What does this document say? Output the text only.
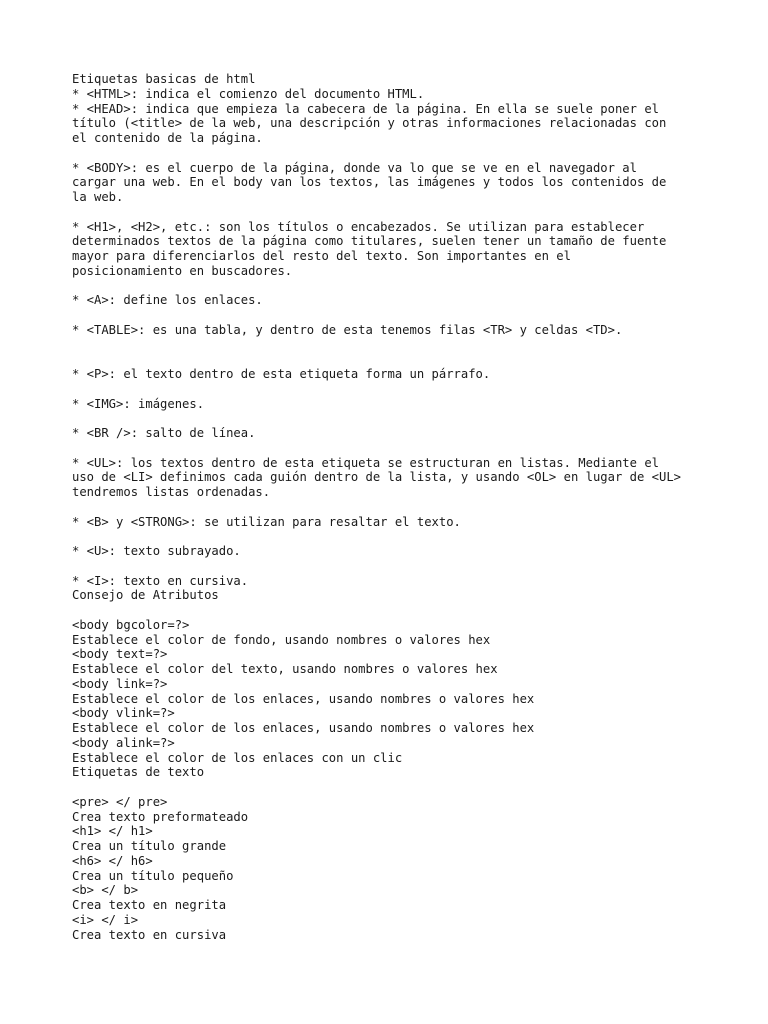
Etiquetas basicas de html
* <HTML>: indica el comienzo del documento HTML.
* <HEAD>: indica que empieza la cabecera de la página. En ella se suele poner el
título (<title> de la web, una descripción y otras informaciones relacionadas con
el contenido de la página.
* <BODY>: es el cuerpo de la página, donde va lo que se ve en el navegador al
cargar una web. En el body van los textos, las imágenes y todos los contenidos de
la web.
* <H1>, <H2>, etc.: son los títulos o encabezados. Se utilizan para establecer
determinados textos de la página como titulares, suelen tener un tamaño de fuente
mayor para diferenciarlos del resto del texto. Son importantes en el
posicionamiento en buscadores.
* <A>: define los enlaces.
* <TABLE>: es una tabla, y dentro de esta tenemos filas <TR> y celdas <TD>.
* <P>: el texto dentro de esta etiqueta forma un párrafo.
* <IMG>: imágenes.
* <BR />: salto de línea.
* <UL>: los textos dentro de esta etiqueta se estructuran en listas. Mediante el
uso de <LI> definimos cada guión dentro de la lista, y usando <OL> en lugar de <UL>
tendremos listas ordenadas.
* <B> y <STRONG>: se utilizan para resaltar el texto.
* <U>: texto subrayado.
* <I>: texto en cursiva.
Consejo de Atributos
<body bgcolor=?>
Establece el color de fondo, usando nombres o valores hex
<body text=?>
Establece el color del texto, usando nombres o valores hex
<body link=?>
Establece el color de los enlaces, usando nombres o valores hex
<body vlink=?>
Establece el color de los enlaces, usando nombres o valores hex
<body alink=?>
Establece el color de los enlaces con un clic
Etiquetas de texto
<pre> </ pre>
Crea texto preformateado
<h1> </ h1>
Crea un título grande
<h6> </ h6>
Crea un título pequeño
<b> </ b>
Crea texto en negrita
<i> </ i>
Crea texto en cursiva
